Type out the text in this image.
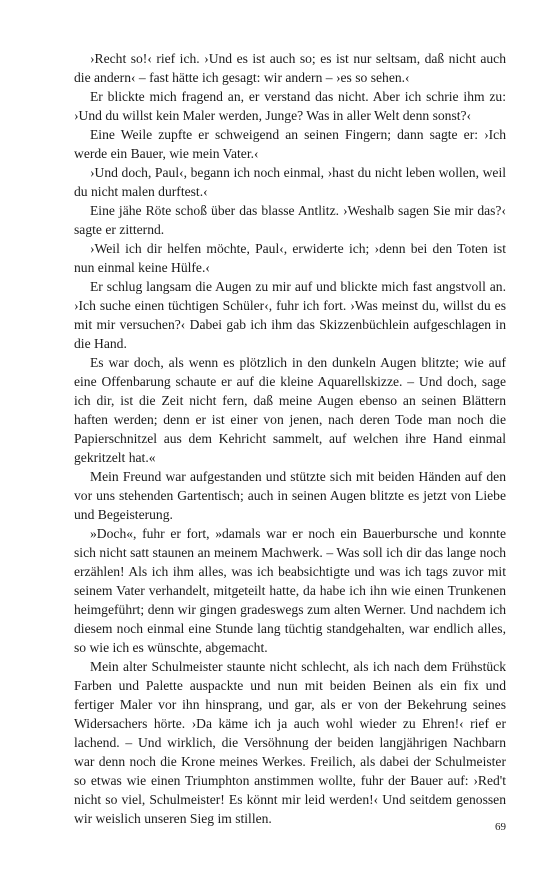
›Recht so!‹ rief ich. ›Und es ist auch so; es ist nur seltsam, daß nicht auch die andern‹ – fast hätte ich gesagt: wir andern – ›es so sehen.‹

Er blickte mich fragend an, er verstand das nicht. Aber ich schrie ihm zu: ›Und du willst kein Maler werden, Junge? Was in aller Welt denn sonst?‹

Eine Weile zupfte er schweigend an seinen Fingern; dann sagte er: ›Ich werde ein Bauer, wie mein Vater.‹

›Und doch, Paul‹, begann ich noch einmal, ›hast du nicht leben wollen, weil du nicht malen durftest.‹

Eine jähe Röte schoß über das blasse Antlitz. ›Weshalb sagen Sie mir das?‹ sagte er zitternd.

›Weil ich dir helfen möchte, Paul‹, erwiderte ich; ›denn bei den Toten ist nun einmal keine Hülfe.‹

Er schlug langsam die Augen zu mir auf und blickte mich fast angstvoll an. ›Ich suche einen tüchtigen Schüler‹, fuhr ich fort. ›Was meinst du, willst du es mit mir versuchen?‹ Dabei gab ich ihm das Skizzenbüchlein aufgeschlagen in die Hand.

Es war doch, als wenn es plötzlich in den dunkeln Augen blitzte; wie auf eine Offenbarung schaute er auf die kleine Aquarellskizze. – Und doch, sage ich dir, ist die Zeit nicht fern, daß meine Augen ebenso an seinen Blättern haften werden; denn er ist einer von jenen, nach deren Tode man noch die Papierschnitzel aus dem Kehricht sammelt, auf welchen ihre Hand einmal gekritzelt hat.«

Mein Freund war aufgestanden und stützte sich mit beiden Händen auf den vor uns stehenden Gartentisch; auch in seinen Augen blitzte es jetzt von Liebe und Begeisterung.

»Doch«, fuhr er fort, »damals war er noch ein Bauerbursche und konnte sich nicht satt staunen an meinem Machwerk. – Was soll ich dir das lange noch erzählen! Als ich ihm alles, was ich beabsichtigte und was ich tags zuvor mit seinem Vater verhandelt, mitgeteilt hatte, da habe ich ihn wie einen Trunkenen heimgeführt; denn wir gingen gradeswegs zum alten Werner. Und nachdem ich diesem noch einmal eine Stunde lang tüchtig standgehalten, war endlich alles, so wie ich es wünschte, abgemacht.

Mein alter Schulmeister staunte nicht schlecht, als ich nach dem Frühstück Farben und Palette auspackte und nun mit beiden Beinen als ein fix und fertiger Maler vor ihn hinsprang, und gar, als er von der Bekehrung seines Widersachers hörte. ›Da käme ich ja auch wohl wieder zu Ehren!‹ rief er lachend. – Und wirklich, die Versöhnung der beiden langjährigen Nachbarn war denn noch die Krone meines Werkes. Freilich, als dabei der Schulmeister so etwas wie einen Triumphton anstimmen wollte, fuhr der Bauer auf: ›Red't nicht so viel, Schulmeister! Es könnt mir leid werden!‹ Und seitdem genossen wir weislich unseren Sieg im stillen.

69
